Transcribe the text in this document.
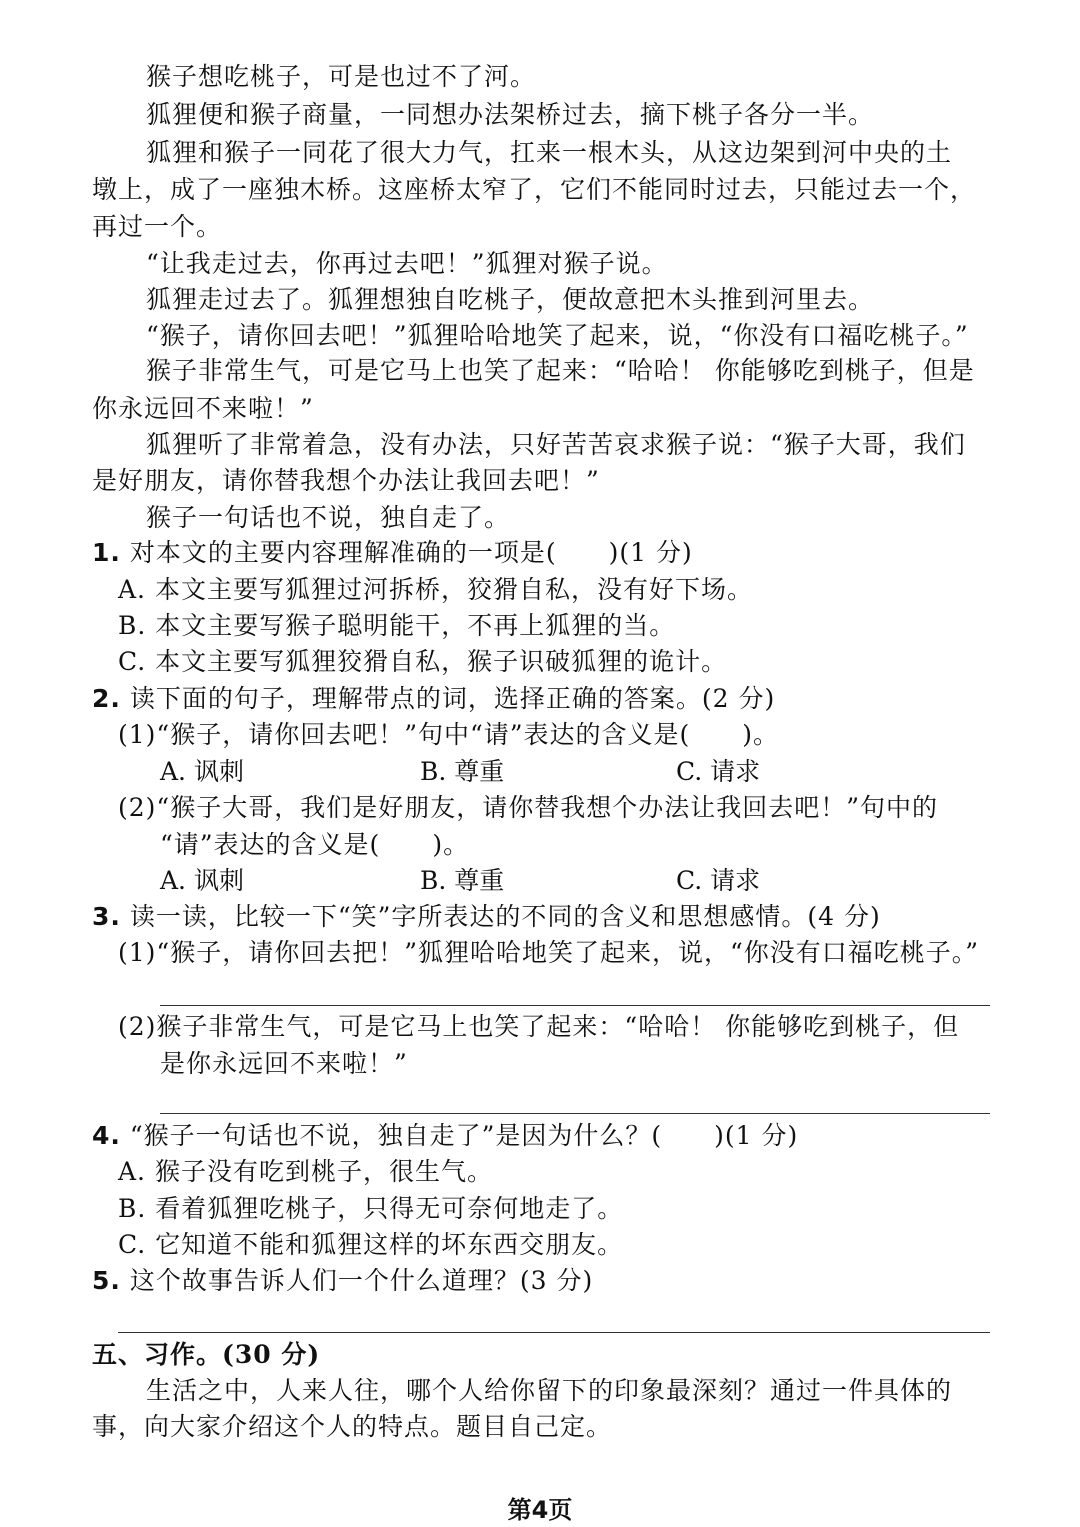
猴子想吃桃子，可是也过不了河。
狐狸便和猴子商量，一同想办法架桥过去，摘下桃子各分一半。
狐狸和猴子一同花了很大力气，扛来一根木头，从这边架到河中央的土
墩上，成了一座独木桥。这座桥太窄了，它们不能同时过去，只能过去一个，
再过一个。
“让我走过去，你再过去吧！”狐狸对猴子说。
狐狸走过去了。狐狸想独自吃桃子，便故意把木头推到河里去。
“猴子，请你回去吧！”狐狸哈哈地笑了起来，说，“你没有口福吃桃子。”
猴子非常生气，可是它马上也笑了起来：“哈哈！ 你能够吃到桃子，但是
你永远回不来啦！”
狐狸听了非常着急，没有办法，只好苦苦哀求猴子说：“猴子大哥，我们
是好朋友，请你替我想个办法让我回去吧！”
猴子一句话也不说，独自走了。
1. 对本文的主要内容理解准确的一项是(　　)(1 分)
A. 本文主要写狐狸过河拆桥，狡猾自私，没有好下场。
B. 本文主要写猴子聪明能干，不再上狐狸的当。
C. 本文主要写狐狸狡猾自私，猴子识破狐狸的诡计。
2. 读下面的句子，理解带点的词，选择正确的答案。(2 分)
(1)“猴子，请你回去吧！”句中“请”表达的含义是(　　)。
A. 讽刺	B. 尊重	C. 请求
(2)“猴子大哥，我们是好朋友，请你替我想个办法让我回去吧！”句中的
“请”表达的含义是(　　)。
A. 讽刺	B. 尊重	C. 请求
3. 读一读，比较一下“笑”字所表达的不同的含义和思想感情。(4 分)
(1)“猴子，请你回去把！”狐狸哈哈地笑了起来，说，“你没有口福吃桃子。”
(2)猴子非常生气，可是它马上也笑了起来：“哈哈！ 你能够吃到桃子，但
是你永远回不来啦！”
4. “猴子一句话也不说，独自走了”是因为什么？(　　)(1 分)
A. 猴子没有吃到桃子，很生气。
B. 看着狐狸吃桃子，只得无可奈何地走了。
C. 它知道不能和狐狸这样的坏东西交朋友。
5. 这个故事告诉人们一个什么道理？(3 分)
五、习作。(30 分)
生活之中，人来人往，哪个人给你留下的印象最深刻？通过一件具体的
事，向大家介绍这个人的特点。题目自己定。
第4页
